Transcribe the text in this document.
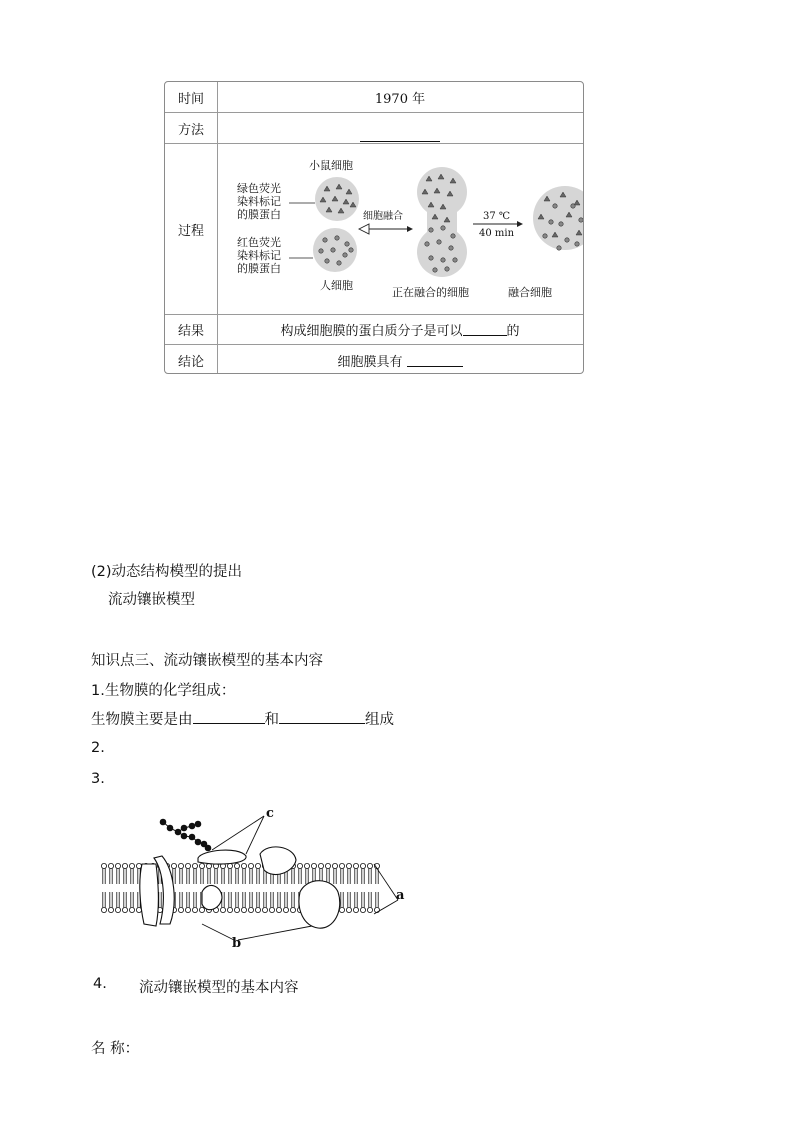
时间	1970 年
方法
过程
小鼠细胞
绿色荧光
染料标记
的膜蛋白
红色荧光
染料标记
的膜蛋白
人细胞
细胞融合	37 ℃
40 min
正在融合的细胞	融合细胞
结果	构成细胞膜的蛋白质分子是可以	的
结论	细胞膜具有
(2)动态结构模型的提出
流动镶嵌模型
知识点三、流动镶嵌模型的基本内容
1.生物膜的化学组成：
生物膜主要是由	和	组成
2.
3.
c
a
b
4. 流动镶嵌模型的基本内容
名 称：
